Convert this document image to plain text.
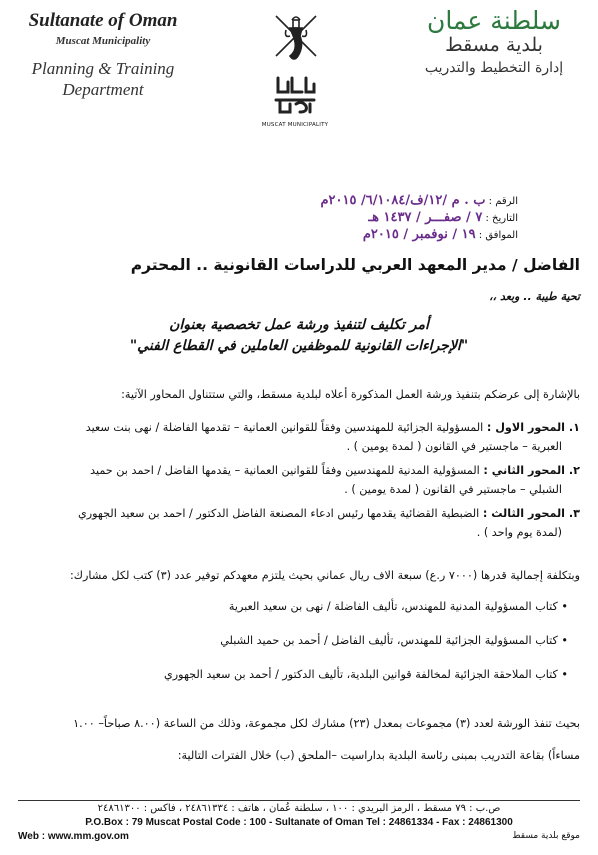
Sultanate of Oman
Muscat Municipality
Planning & Training
Department
سلطنة عمان
بلدية مسقط
إدارة التخطيط والتدريب
MUSCAT MUNICIPALITY
الرقم : ب . م /١٢/ف/٦/١٠٨٤/ ٢٠١٥م
التاريخ : ٧ / صفـــر / ١٤٣٧ هـ
الموافق : ١٩ / نوفمبر / ٢٠١٥م
الفاضل / مدير المعهد العربي للدراسات القانونية .. المحترم
تحية طيبة .. وبعد ،،
أمر تكليف لتنفيذ ورشة عمل تخصصية بعنوان
"الإجراءات القانونية للموظفين العاملين في القطاع الفني"
بالإشارة إلى عرضكم بتنفيذ ورشة العمل المذكورة أعلاه لبلدية مسقط، والتي ستتناول المحاور الآتية:
١. المحور الاول : المسؤولية الجزائية للمهندسين وفقاً للقوانين العمانية – تقدمها الفاضلة / نهى بنت سعيد
العبرية – ماجستير في القانون ( لمدة يومين ) .
٢. المحور الثاني : المسؤولية المدنية للمهندسين وفقاً للقوانين العمانية – يقدمها الفاضل / احمد بن حميد
الشبلي – ماجستير في القانون ( لمدة يومين ) .
٣. المحور الثالث : الضبطية القضائية يقدمها رئيس ادعاء المصنعة الفاضل الدكتور / احمد بن سعيد الجهوري
(لمدة يوم واحد ) .
وبتكلفة إجمالية قدرها (٧٠٠٠ ر.ع) سبعة الاف ريال عماني بحيث يلتزم معهدكم توفير عدد (٣) كتب لكل مشارك:
• كتاب المسؤولية المدنية للمهندس، تأليف الفاضلة / نهى بن سعيد العبرية
• كتاب المسؤولية الجزائية للمهندس، تأليف الفاضل / أحمد بن حميد الشبلي
• كتاب الملاحقة الجزائية لمخالفة قوانين البلدية، تأليف الدكتور / أحمد بن سعيد الجهوري
بحيث تنفذ الورشة لعدد (٣) مجموعات بمعدل (٢٣) مشارك لكل مجموعة، وذلك من الساعة (٨.٠٠ صباحاً– ١.٠٠
مساءاً) بقاعة التدريب بمبنى رئاسة البلدية بداراسيت –الملحق (ب) خلال الفترات التالية:
ص.ب : ٧٩ مسقط ، الرمز البريدي : ١٠٠ ، سلطنة عُمان ، هاتف : ٢٤٨٦١٣٣٤ ، فاكس : ٢٤٨٦١٣٠٠
P.O.Box : 79 Muscat Postal Code : 100 - Sultanate of Oman Tel : 24861334 - Fax : 24861300
Web : www.mm.gov.om	موقع بلدية مسقط
